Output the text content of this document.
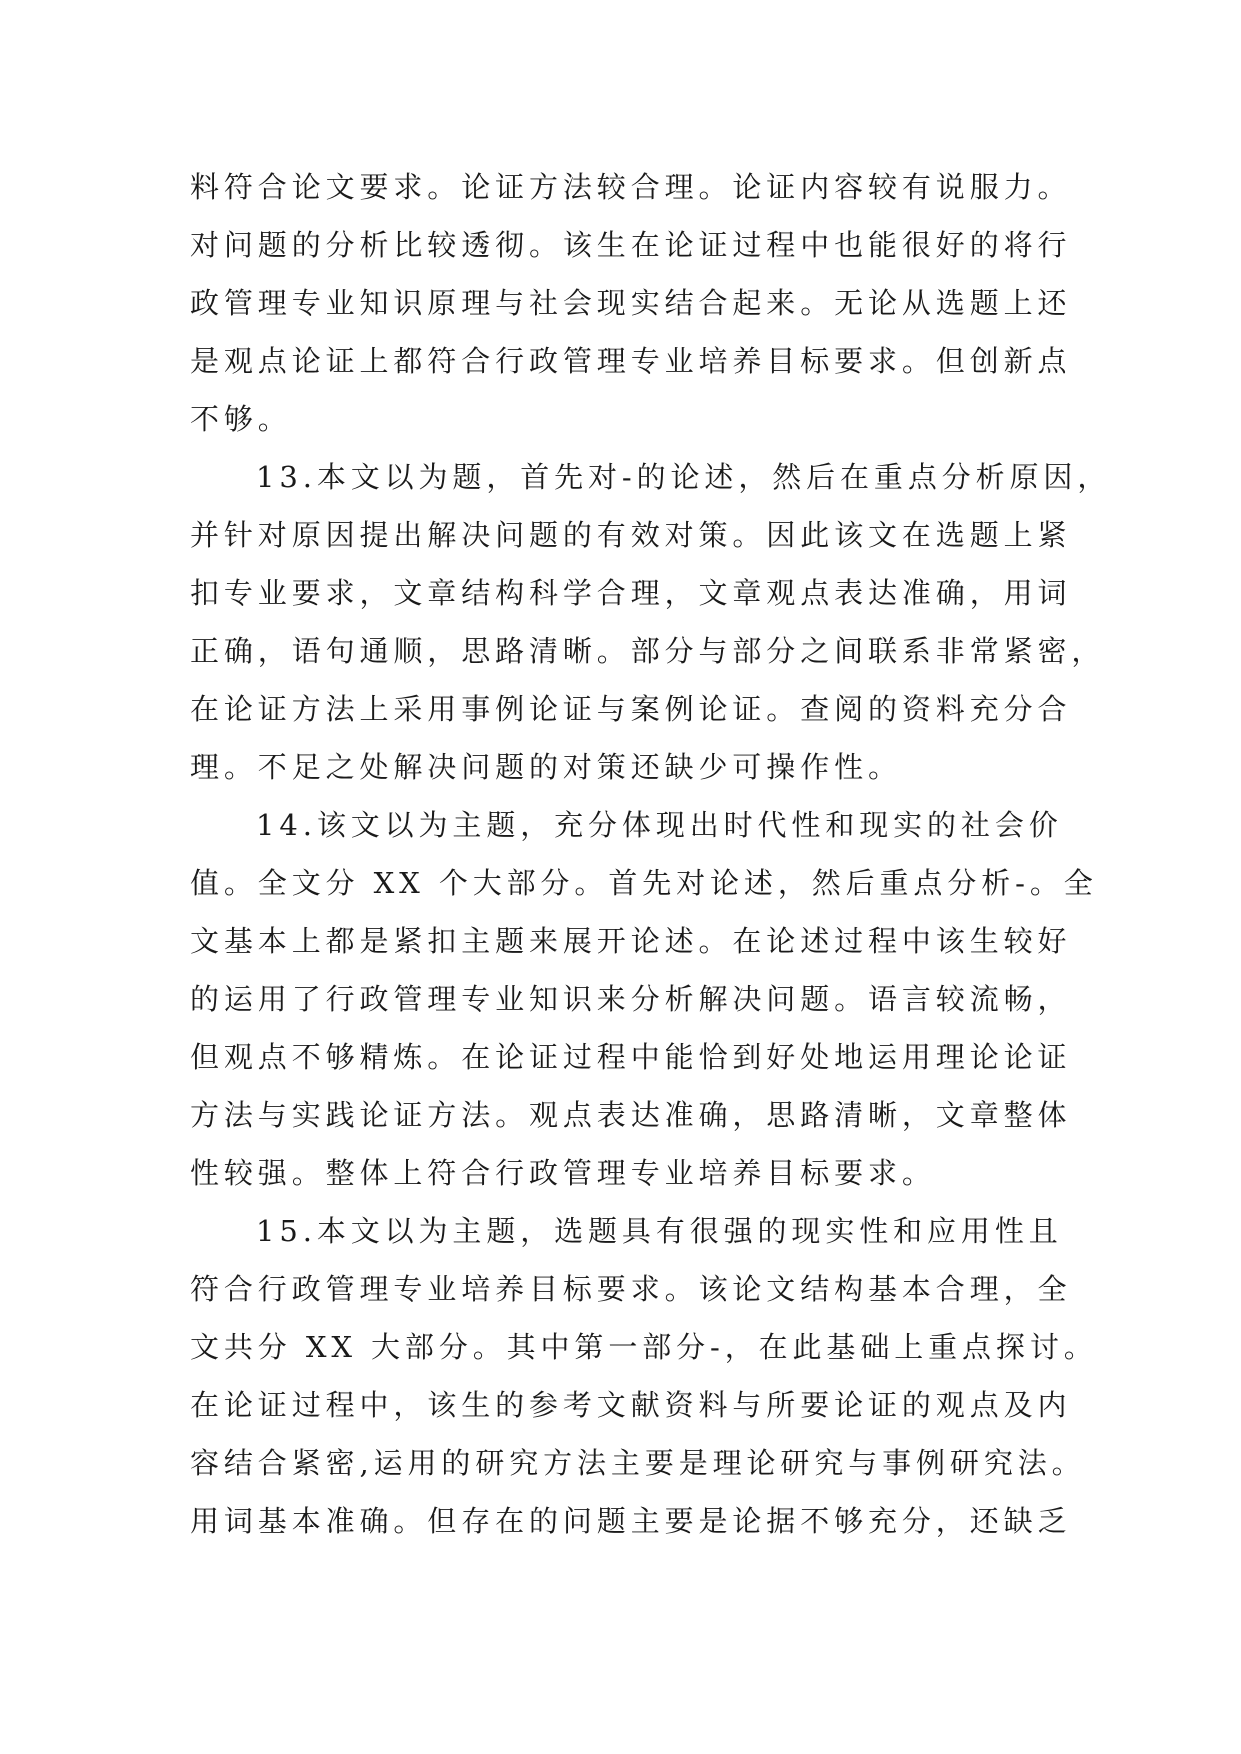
料符合论文要求。论证方法较合理。论证内容较有说服力。
对问题的分析比较透彻。该生在论证过程中也能很好的将行
政管理专业知识原理与社会现实结合起来。无论从选题上还
是观点论证上都符合行政管理专业培养目标要求。但创新点
不够。
13.本文以为题，首先对-的论述，然后在重点分析原因，
并针对原因提出解决问题的有效对策。因此该文在选题上紧
扣专业要求，文章结构科学合理，文章观点表达准确，用词
正确，语句通顺，思路清晰。部分与部分之间联系非常紧密，
在论证方法上采用事例论证与案例论证。查阅的资料充分合
理。不足之处解决问题的对策还缺少可操作性。
14.该文以为主题，充分体现出时代性和现实的社会价
值。全文分 XX 个大部分。首先对论述，然后重点分析-。全
文基本上都是紧扣主题来展开论述。在论述过程中该生较好
的运用了行政管理专业知识来分析解决问题。语言较流畅，
但观点不够精炼。在论证过程中能恰到好处地运用理论论证
方法与实践论证方法。观点表达准确，思路清晰，文章整体
性较强。整体上符合行政管理专业培养目标要求。
15.本文以为主题，选题具有很强的现实性和应用性且
符合行政管理专业培养目标要求。该论文结构基本合理，全
文共分 XX 大部分。其中第一部分-，在此基础上重点探讨。
在论证过程中，该生的参考文献资料与所要论证的观点及内
容结合紧密,运用的研究方法主要是理论研究与事例研究法。
用词基本准确。但存在的问题主要是论据不够充分，还缺乏
